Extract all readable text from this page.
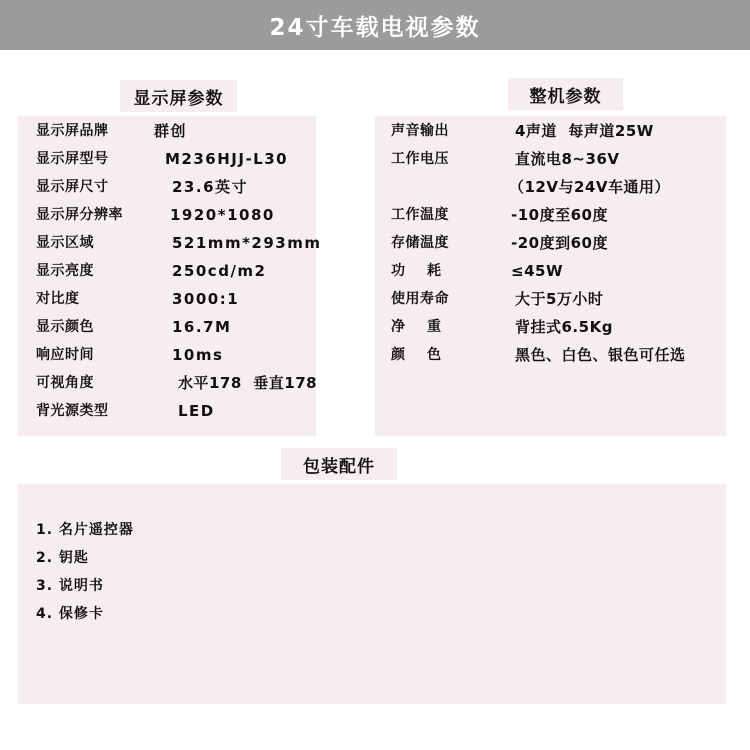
24寸车载电视参数
显示屏参数
显示屏品牌	群创
显示屏型号	M236HJJ-L30
显示屏尺寸	23.6英寸
显示屏分辨率	1920*1080
显示区域	521mm*293mm
显示亮度	250cd/m2
对比度	3000:1
显示颜色	16.7M
响应时间	10ms
可视角度	水平178  垂直178
背光源类型	LED
整机参数
声音输出	4声道  每声道25W
工作电压	直流电8~36V
（12V与24V车通用）
工作温度	-10度至60度
存储温度	-20度到60度
功    耗	≤45W
使用寿命	大于5万小时
净    重	背挂式6.5Kg
颜    色	黑色、白色、银色可任选
包装配件
1. 名片遥控器
2. 钥匙
3. 说明书
4. 保修卡
